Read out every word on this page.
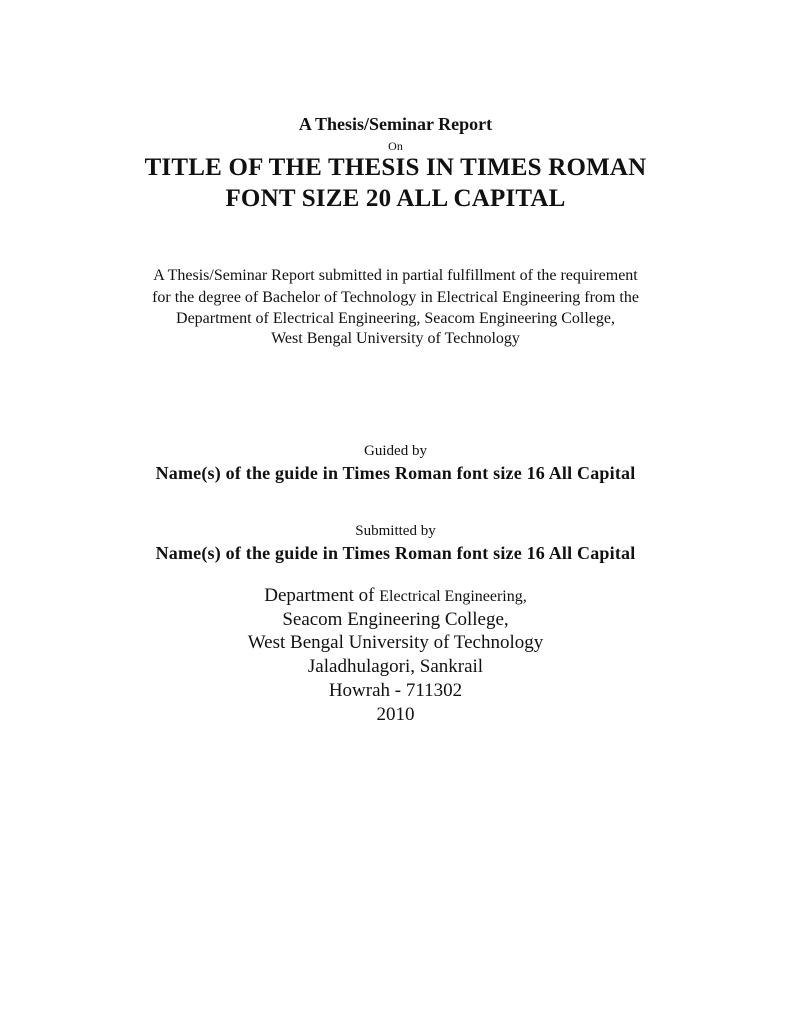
A Thesis/Seminar Report

On

TITLE OF THE THESIS IN TIMES ROMAN

FONT SIZE 20 ALL CAPITAL

A Thesis/Seminar Report submitted in partial fulfillment of the requirement

for the degree of Bachelor of Technology in Electrical Engineering from the

Department of Electrical Engineering, Seacom Engineering College,

West Bengal University of Technology

Guided by

Name(s) of the guide in Times Roman font size 16 All Capital

Submitted by

Name(s) of the guide in Times Roman font size 16 All Capital

Department of Electrical Engineering,

Seacom Engineering College,

West Bengal University of Technology

Jaladhulagori, Sankrail

Howrah - 711302

2010
